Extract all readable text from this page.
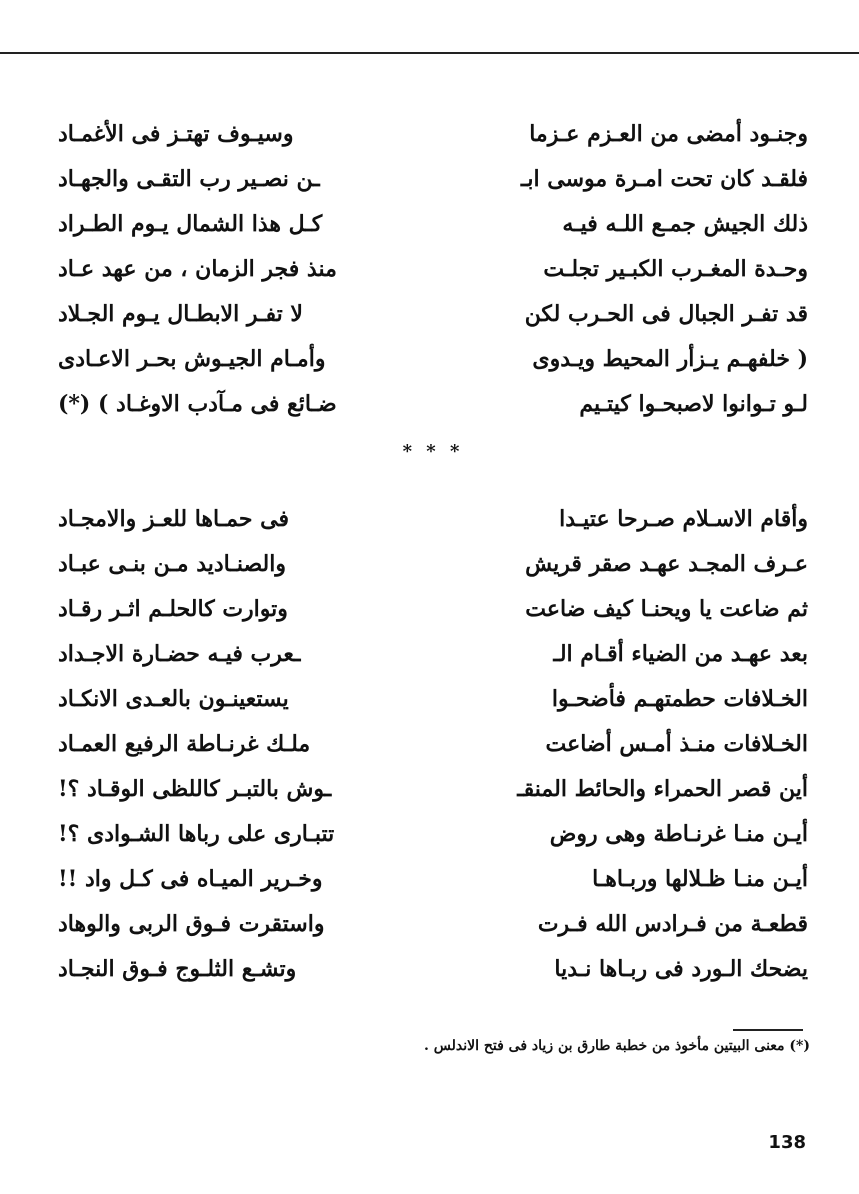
وجنـود أمضى من العـزم عـزما
وسيـوف تهتـز فى الأغمـاد
فلقـد كان تحت امـرة موسى ابـ
ـن نصـير رب التقـى والجهـاد
ذلك الجيش جمـع اللـه فيـه
كـل هذا الشمال يـوم الطـراد
وحـدة المغـرب الكبـير تجلـت
منذ فجر الزمان ، من عهد عـاد
قد تفـر الجبال فى الحـرب لكن
لا تفـر الابطـال يـوم الجـلاد
( خلفهـم يـزأر المحيط ويـدوى
وأمـام الجيـوش بحـر الاعـادى
لـو تـوانوا لاصبحـوا كيتـيم
ضـائع فى مـآدب الاوغـاد ) (*)
* * *
وأقام الاسـلام صـرحا عتيـدا
فى حمـاها للعـز والامجـاد
عـرف المجـد عهـد صقر قريش
والصنـاديد مـن بنـى عبـاد
ثم ضاعت يا ويحنـا كيف ضاعت
وتوارت كالحلـم اثـر رقـاد
بعد عهـد من الضياء أقـام الـ
ـعرب فيـه حضـارة الاجـداد
الخـلافات حطمتهـم فأضحـوا
يستعينـون بالعـدى الانكـاد
الخـلافات منـذ أمـس أضاعت
ملـك غرنـاطة الرفيع العمـاد
أين قصر الحمراء والحائط المنقـ
ـوش بالتبـر كاللظى الوقـاد ؟!
أيـن منـا غرنـاطة وهى روض
تتبـارى على رباها الشـوادى ؟!
أيـن منـا ظـلالها وربـاهـا
وخـرير الميـاه فى كـل واد !!
قطعـة من فـرادس الله فـرت
واستقرت فـوق الربى والوهاد
يضحك الـورد فى ربـاها نـديا
وتشـع الثلـوج فـوق النجـاد
(*) معنى البيتين مأخوذ من خطبة طارق بن زياد فى فتح الاندلس .
138
